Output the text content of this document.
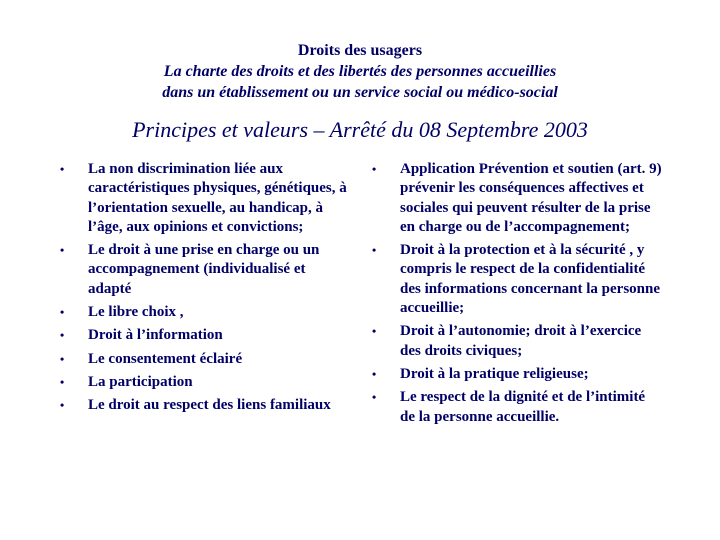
Droits des usagers
La charte des droits et des libertés des personnes accueillies
dans un établissement ou un service social ou médico-social
Principes et valeurs – Arrêté du 08 Septembre 2003
• La non discrimination liée aux caractéristiques physiques, génétiques, à l’orientation sexuelle, au handicap, à l’âge, aux opinions et convictions;
• Le droit à une prise en charge ou un accompagnement (individualisé et adapté
• Le libre choix ,
• Droit à l’information
• Le consentement éclairé
• La participation
• Le droit au respect des liens familiaux
• Application Prévention et soutien (art. 9) prévenir les conséquences affectives et sociales qui peuvent résulter de la prise en charge ou de l’accompagnement;
• Droit à la protection et à la sécurité , y compris le respect de la confidentialité des informations concernant la personne accueillie;
• Droit à l’autonomie; droit à l’exercice des droits civiques;
• Droit à la pratique religieuse;
• Le respect de la dignité et de l’intimité de la personne accueillie.
